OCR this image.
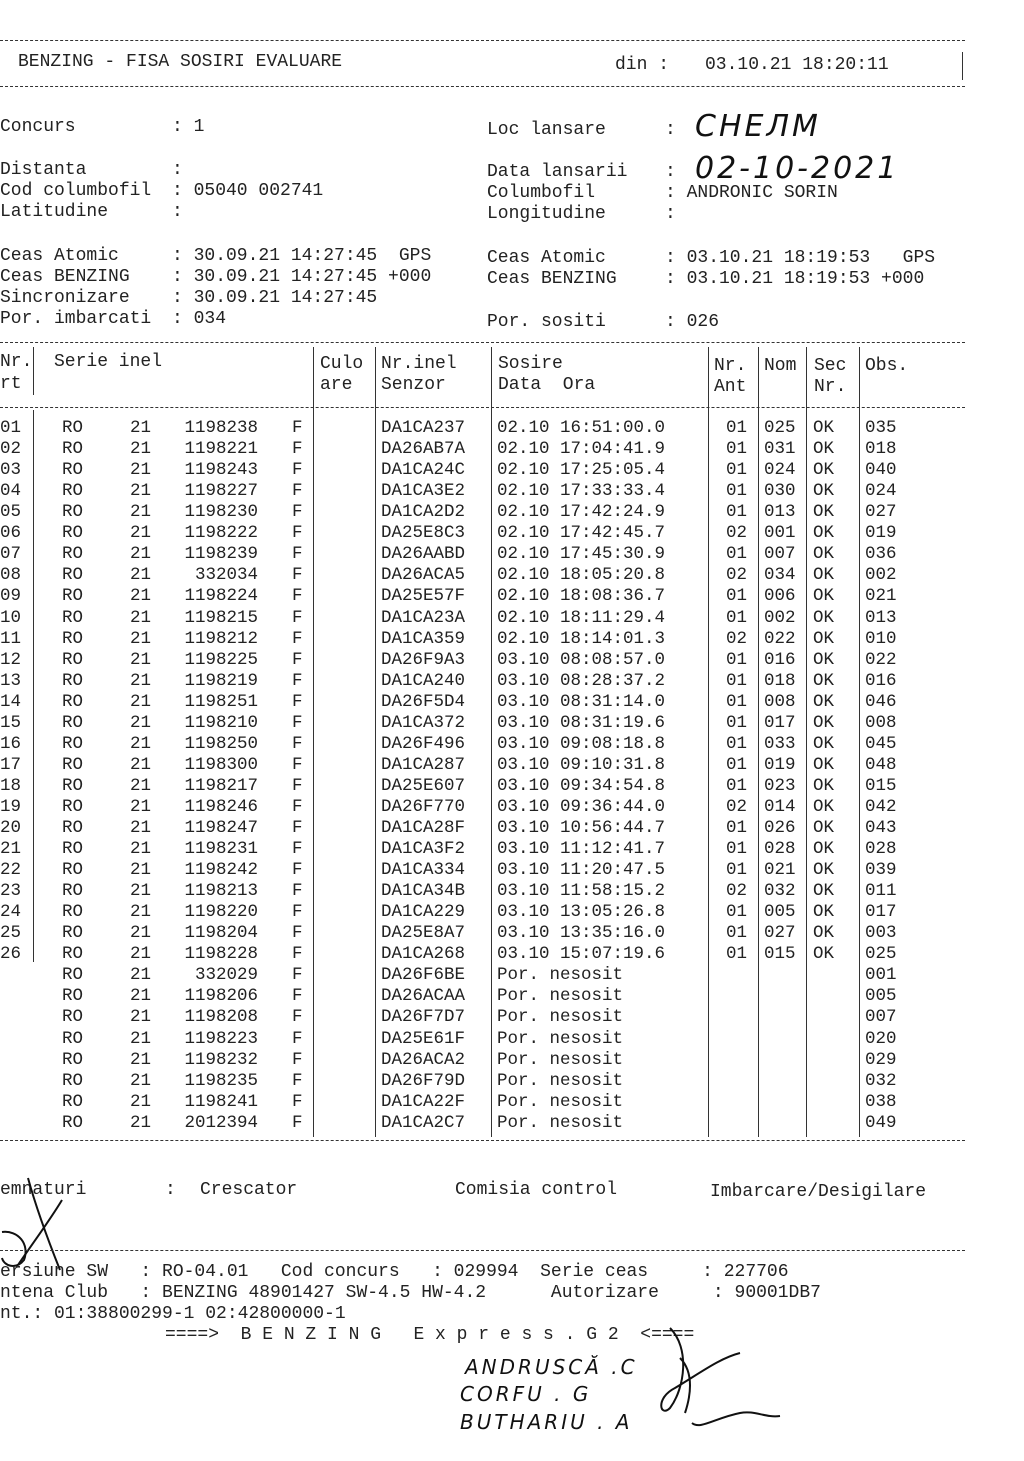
BENZING - FISA SOSIRI EVALUARE	din : 03.10.21 18:20:11
Concurs	: 1
Distanta	:
Cod columbofil : 05040 002741
Latitudine	:
Ceas Atomic	: 30.09.21 14:27:45  GPS
Ceas BENZING : 30.09.21 14:27:45 +000
Sincronizare : 30.09.21 14:27:45
Por. imbarcati : 034
Loc lansare	: CHEЛМ
Data lansarii : 02-10-2021
Columbofil	: ANDRONIC SORIN
Longitudine	:
Ceas Atomic	: 03.10.21 18:19:53   GPS
Ceas BENZING	: 03.10.21 18:19:53 +000
Por. sositi	: 026
Nr.
rt
Serie inel	Culo
are
Nr.inel
Senzor
Sosire
Data  Ora
Nr.
Ant
Nom Sec
Nr.
Obs.
01 RO	21 1198238 F	DA1CA237 02.10 16:51:00.0	01 025 OK 035
02 RO	21 1198221 F	DA26AB7A 02.10 17:04:41.9	01 031 OK 018
03 RO	21 1198243 F	DA1CA24C 02.10 17:25:05.4	01 024 OK 040
04 RO	21 1198227 F	DA1CA3E2 02.10 17:33:33.4	01 030 OK 024
05 RO	21 1198230 F	DA1CA2D2 02.10 17:42:24.9	01 013 OK 027
06 RO	21 1198222 F	DA25E8C3 02.10 17:42:45.7	02 001 OK 019
07 RO	21 1198239 F	DA26AABD 02.10 17:45:30.9	01 007 OK 036
08 RO	21	332034 F	DA26ACA5 02.10 18:05:20.8	02 034 OK 002
09 RO	21 1198224 F	DA25E57F 02.10 18:08:36.7	01 006 OK 021
10 RO	21 1198215 F	DA1CA23A 02.10 18:11:29.4	01 002 OK 013
11 RO	21 1198212 F	DA1CA359 02.10 18:14:01.3	02 022 OK 010
12 RO	21 1198225 F	DA26F9A3 03.10 08:08:57.0	01 016 OK 022
13 RO	21 1198219 F	DA1CA240 03.10 08:28:37.2	01 018 OK 016
14 RO	21 1198251 F	DA26F5D4 03.10 08:31:14.0	01 008 OK 046
15 RO	21 1198210 F	DA1CA372 03.10 08:31:19.6	01 017 OK 008
16 RO	21 1198250 F	DA26F496 03.10 09:08:18.8	01 033 OK 045
17 RO	21 1198300 F	DA1CA287 03.10 09:10:31.8	01 019 OK 048
18 RO	21 1198217 F	DA25E607 03.10 09:34:54.8	01 023 OK 015
19 RO	21 1198246 F	DA26F770 03.10 09:36:44.0	02 014 OK 042
20 RO	21 1198247 F	DA1CA28F 03.10 10:56:44.7	01 026 OK 043
21 RO	21 1198231 F	DA1CA3F2 03.10 11:12:41.7	01 028 OK 028
22 RO	21 1198242 F	DA1CA334 03.10 11:20:47.5	01 021 OK 039
23 RO	21 1198213 F	DA1CA34B 03.10 11:58:15.2	02 032 OK 011
24 RO	21 1198220 F	DA1CA229 03.10 13:05:26.8	01 005 OK 017
25 RO	21 1198204 F	DA25E8A7 03.10 13:35:16.0	01 027 OK 003
26 RO	21 1198228 F	DA1CA268 03.10 15:07:19.6	01 015 OK 025
RO	21	332029 F	DA26F6BE Por. nesosit	001
RO	21 1198206 F	DA26ACAA Por. nesosit	005
RO	21 1198208 F	DA26F7D7 Por. nesosit	007
RO	21 1198223 F	DA25E61F Por. nesosit	020
RO	21 1198232 F	DA26ACA2 Por. nesosit	029
RO	21 1198235 F	DA26F79D Por. nesosit	032
RO	21 1198241 F	DA1CA22F Por. nesosit	038
RO	21 2012394 F	DA1CA2C7 Por. nesosit	049
emnaturi	: Crescator	Comisia control	Imbarcare/Desigilare
ersiune SW   : RO-04.01   Cod concurs   : 029994  Serie ceas     : 227706
ntena Club   : BENZING 48901427 SW-4.5 HW-4.2      Autorizare     : 90001DB7
nt.: 01:38800299-1 02:42800000-1
====>  B E N Z I N G   E x p r e s s . G 2  <====
ANDRUSCĂ .C
CORFU . G
BUTHARIU . A
